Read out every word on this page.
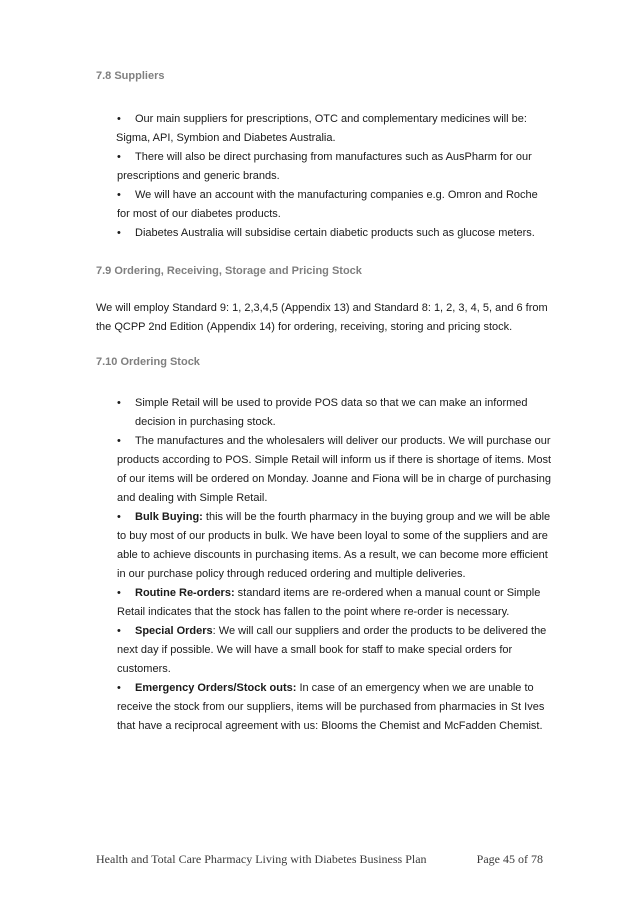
7.8 Suppliers
• Our main suppliers for prescriptions, OTC and complementary medicines will be:
Sigma, API, Symbion and Diabetes Australia.
• There will also be direct purchasing from manufactures such as AusPharm for our
prescriptions and generic brands.
• We will have an account with the manufacturing companies e.g. Omron and Roche
for most of our diabetes products.
• Diabetes Australia will subsidise certain diabetic products such as glucose meters.
7.9 Ordering, Receiving, Storage and Pricing Stock
We will employ Standard 9: 1, 2,3,4,5 (Appendix 13) and Standard 8: 1, 2, 3, 4, 5, and 6 from
the QCPP 2nd Edition (Appendix 14) for ordering, receiving, storing and pricing stock.
7.10 Ordering Stock
• Simple Retail will be used to provide POS data so that we can make an informed
decision in purchasing stock.
• The manufactures and the wholesalers will deliver our products. We will purchase our
products according to POS. Simple Retail will inform us if there is shortage of items. Most
of our items will be ordered on Monday. Joanne and Fiona will be in charge of purchasing
and dealing with Simple Retail.
• Bulk Buying: this will be the fourth pharmacy in the buying group and we will be able
to buy most of our products in bulk. We have been loyal to some of the suppliers and are
able to achieve discounts in purchasing items. As a result, we can become more efficient
in our purchase policy through reduced ordering and multiple deliveries.
• Routine Re-orders: standard items are re-ordered when a manual count or Simple
Retail indicates that the stock has fallen to the point where re-order is necessary.
• Special Orders: We will call our suppliers and order the products to be delivered the
next day if possible. We will have a small book for staff to make special orders for
customers.
• Emergency Orders/Stock outs: In case of an emergency when we are unable to
receive the stock from our suppliers, items will be purchased from pharmacies in St Ives
that have a reciprocal agreement with us: Blooms the Chemist and McFadden Chemist.
Health and Total Care Pharmacy Living with Diabetes Business Plan	Page 45 of 78
